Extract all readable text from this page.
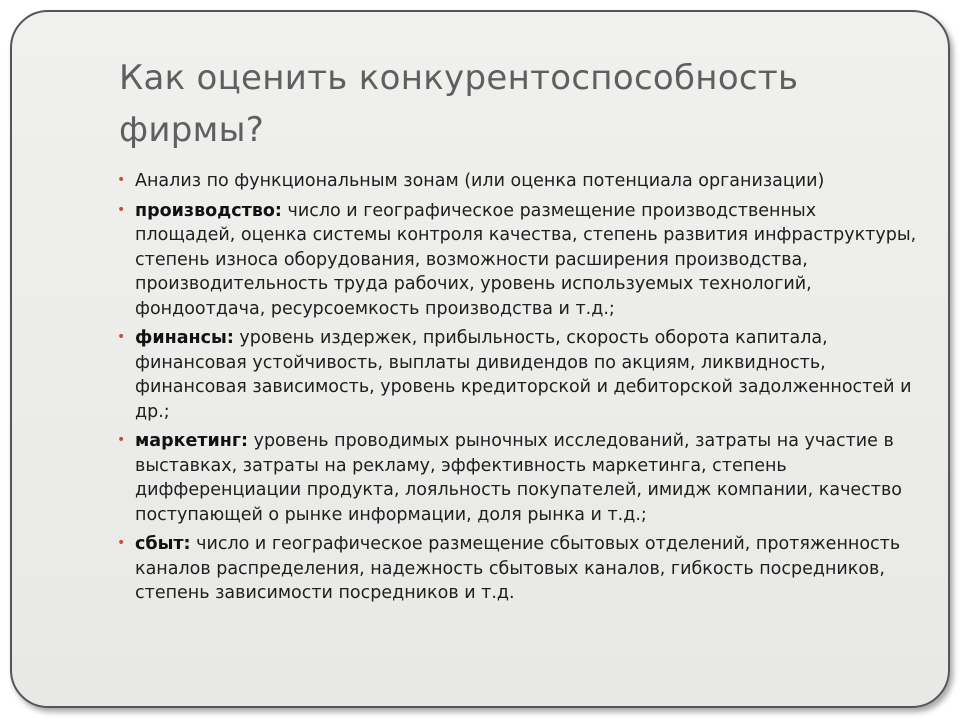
Как оценить конкурентоспособность фирмы?
• Анализ по функциональным зонам (или оценка потенциала организации)
• производство: число и географическое размещение производственных площадей, оценка системы контроля качества, степень развития инфраструктуры, степень износа оборудования, возможности расширения производства, производительность труда рабочих, уровень используемых технологий, фондоотдача, ресурсоемкость производства и т.д.;
• финансы: уровень издержек, прибыльность, скорость оборота капитала, финансовая устойчивость, выплаты дивидендов по акциям, ликвидность, финансовая зависимость, уровень кредиторской и дебиторской задолженностей и др.;
• маркетинг: уровень проводимых рыночных исследований, затраты на участие в выставках, затраты на рекламу, эффективность маркетинга, степень дифференциации продукта, лояльность покупателей, имидж компании, качество поступающей о рынке информации, доля рынка и т.д.;
• сбыт: число и географическое размещение сбытовых отделений, протяженность каналов распределения, надежность сбытовых каналов, гибкость посредников, степень зависимости посредников и т.д.
